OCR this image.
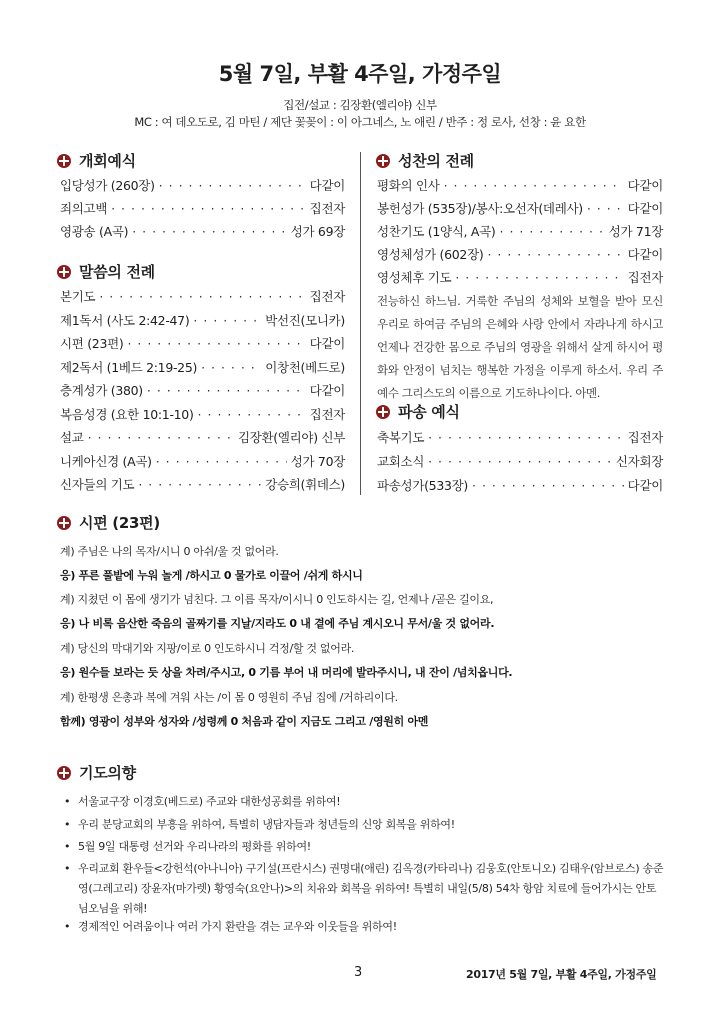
5월 7일, 부활 4주일, 가정주일
집전/설교 : 김장환(엘리야) 신부
MC : 여 데오도로, 김 마틴 / 제단 꽃꽂이 : 이 아그네스, 노 애린 / 반주 : 정 로사, 선창 : 윤 요한
개회예식
입당성가 (260장) · · ·	다같이
죄의고백 · · ·	집전자
영광송 (A곡) · · ·	성가 69장
말씀의 전례
본기도 · · ·	집전자
제1독서 (사도 2:42-47) · · ·	박선진(모니카)
시편 (23편) · · ·	다같이
제2독서 (1베드 2:19-25) · · ·	이창천(베드로)
층계성가 (380) · · ·	다같이
복음성경 (요한 10:1-10) · · ·	집전자
설교 · · ·	김장환(엘리야) 신부
니케아신경 (A곡) · · ·	성가 70장
신자들의 기도 · · ·	강승희(휘데스)
성찬의 전례
평화의 인사 · · ·	다같이
봉헌성가 (535장)/봉사:오선자(데레사) · · ·	다같이
성찬기도 (1양식, A곡) · · ·	성가 71장
영성체성가 (602장) · · ·	다같이
영성체후 기도 · · ·	집전자
전능하신 하느님. 거룩한 주님의 성체와 보혈을 받아 모신 우리로 하여금 주님의 은혜와 사랑 안에서 자라나게 하시고 언제나 건강한 몸으로 주님의 영광을 위해서 살게 하시어 평화와 안정이 넘치는 행복한 가정을 이루게 하소서. 우리 주 예수 그리스도의 이름으로 기도하나이다. 아멘.
파송 예식
축복기도 · · ·	집전자
교회소식 · · ·	신자회장
파송성가(533장) · · ·	다같이
시편 (23편)
계) 주님은 나의 목자/시니 0 아쉬/울 것 없어라.
응) 푸른 풀밭에 누워 놀게 /하시고 0 물가로 이끌어 /쉬게 하시니
계) 지쳤던 이 몸에 생기가 넘친다. 그 이름 목자/이시니 0 인도하시는 길, 언제나 /곧은 길이요,
응) 나 비록 음산한 죽음의 골짜기를 지날/지라도 0 내 곁에 주님 계시오니 무서/울 것 없어라.
계) 당신의 막대기와 지팡/이로 0 인도하시니 걱정/할 것 없어라.
응) 원수들 보라는 듯 상을 차려/주시고, 0 기름 부어 내 머리에 발라주시니, 내 잔이 /넘치옵니다.
계) 한평생 은총과 복에 겨워 사는 /이 몸 0 영원히 주님 집에 /거하리이다.
함께) 영광이 성부와 성자와 /성령께 0 처음과 같이 지금도 그리고 /영원히 아멘
기도의향
• 서울교구장 이경호(베드로) 주교와 대한성공회를 위하여!
• 우리 분당교회의 부흥을 위하여, 특별히 냉담자들과 청년들의 신앙 회복을 위하여!
• 5월 9일 대통령 선거와 우리나라의 평화를 위하여!
• 우리교회 환우들<강헌석(아나니아) 구기설(프란시스) 권명대(애린) 김옥경(카타리나) 김웅호(안토니오) 김태우(암브로스) 송준영(그레고리) 장윤자(마가렛) 황영숙(요안나)>의 치유와 회복을 위하여! 특별히 내일(5/8) 54차 항암 치료에 들어가시는 안토님오님을 위해!
• 경제적인 어려움이나 여러 가지 환란을 겪는 교우와 이웃들을 위하여!
3	2017년 5월 7일, 부활 4주일, 가정주일
